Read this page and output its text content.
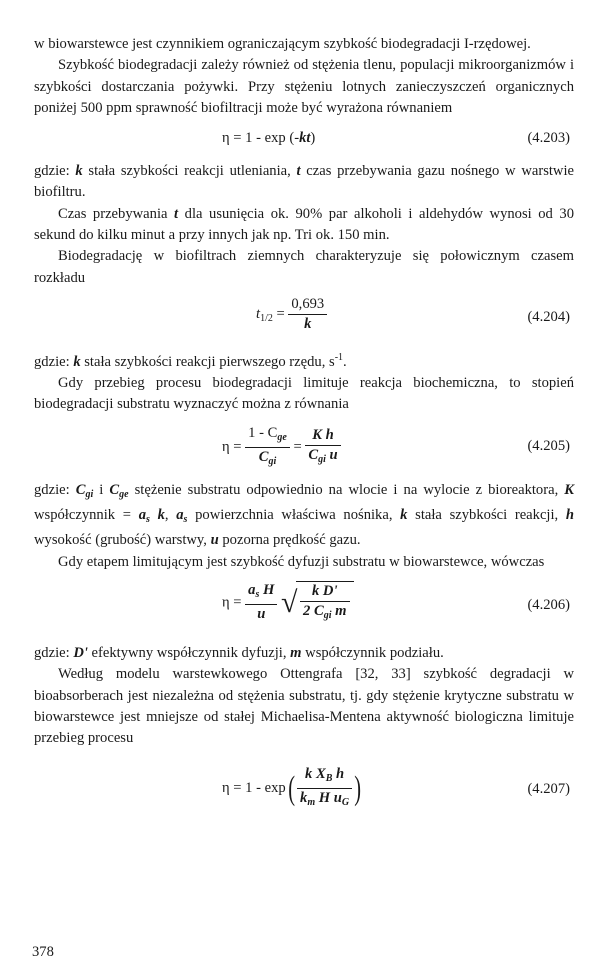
w biowarstewce jest czynnikiem ograniczającym szybkość biodegradacji I-rzędowej.

Szybkość biodegradacji zależy również od stężenia tlenu, populacji mikroorganizmów i szybkości dostarczania pożywki. Przy stężeniu lotnych zanieczyszczeń organicznych poniżej 500 ppm sprawność biofiltracji może być wyrażona równaniem

η = 1 - exp (-kt)	(4.203)

gdzie: k stała szybkości reakcji utleniania, t czas przebywania gazu nośnego w warstwie biofiltru.

Czas przebywania t dla usunięcia ok. 90% par alkoholi i aldehydów wynosi od 30 sekund do kilku minut a przy innych jak np. Tri ok. 150 min.

Biodegradację w biofiltrach ziemnych charakteryzuje się połowicznym czasem rozkładu

$t_{1/2} = \frac{0,693}{k}$	(4.204)

gdzie: k stała szybkości reakcji pierwszego rzędu, $s^{-1}$.

Gdy przebieg procesu biodegradacji limituje reakcja biochemiczna, to stopień biodegradacji substratu wyznaczyć można z równania

$\eta = \frac{1 - C_{ge}}{C_{gi}} = \frac{\text{K h}}{C_{gi} u}$	(4.205)

gdzie: $C_{gi}$ i $C_{ge}$ stężenie substratu odpowiednio na wlocie i na wylocie z bioreaktora, K współczynnik = $a_s$ k, $a_s$ powierzchnia właściwa nośnika, k stała szybkości reakcji, h wysokość (grubość) warstwy, u pozorna prędkość gazu.

Gdy etapem limitującym jest szybkość dyfuzji substratu w biowarstewce, wówczas

$\eta = \frac{a_s H}{u}$
√ $\frac{\text{k D'}}{2 C_{gi} m}$	(4.206)

gdzie: D' efektywny współczynnik dyfuzji, m współczynnik podziału.

Według modelu warstewkowego Ottengrafa [32, 33] szybkość degradacji w bioabsorberach jest niezależna od stężenia substratu, tj. gdy stężenie krytyczne substratu w biowarstewce jest mniejsze od stałej Michaelisa-Mentena aktywność biologiczna limituje przebieg procesu

$\eta = 1 - \exp( \frac{k X_B h}{k_m H u_G}$ )	(4.207)
378
